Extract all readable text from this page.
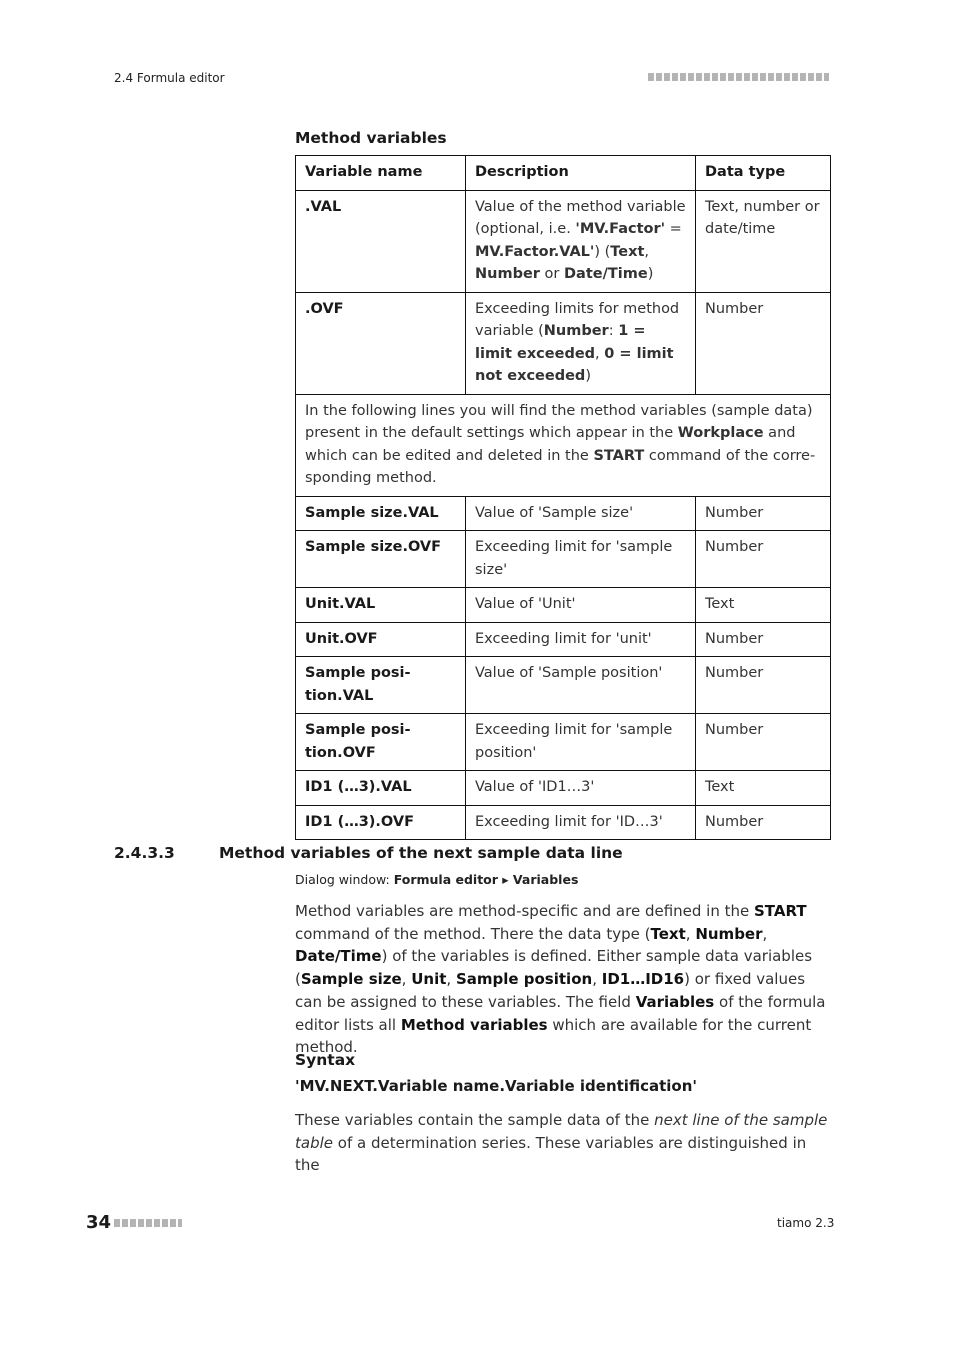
2.4 Formula editor
Method variables
Variable name	Description	Data type
.VAL	Value of the method variable (optional, i.e. 'MV.Factor' = MV.Factor.VAL') (Text, Number or Date/Time)	Text, number or date/time
.OVF	Exceeding limits for method variable (Number: 1 = limit exceeded, 0 = limit not exceeded)	Number
In the following lines you will find the method variables (sample data) present in the default settings which appear in the Workplace and which can be edited and deleted in the START command of the corresponding method.		
Sample size.VAL	Value of 'Sample size'	Number
Sample size.OVF	Exceeding limit for 'sample size'	Number
Unit.VAL	Value of 'Unit'	Text
Unit.OVF	Exceeding limit for 'unit'	Number
Sample position.VAL	Value of 'Sample position'	Number
Sample position.OVF	Exceeding limit for 'sample position'	Number
ID1 (…3).VAL	Value of 'ID1…3'	Text
ID1 (…3).OVF	Exceeding limit for 'ID…3'	Number
2.4.3.3	Method variables of the next sample data line
Dialog window: Formula editor ▸ Variables
Method variables are method-specific and are defined in the START command of the method. There the data type (Text, Number, Date/Time) of the variables is defined. Either sample data variables (Sample size, Unit, Sample position, ID1…ID16) or fixed values can be assigned to these variables. The field Variables of the formula editor lists all Method variables which are available for the current method.
Syntax
'MV.NEXT.Variable name.Variable identification'
These variables contain the sample data of the next line of the sample table of a determination series. These variables are distinguished in the
34	tiamo 2.3
